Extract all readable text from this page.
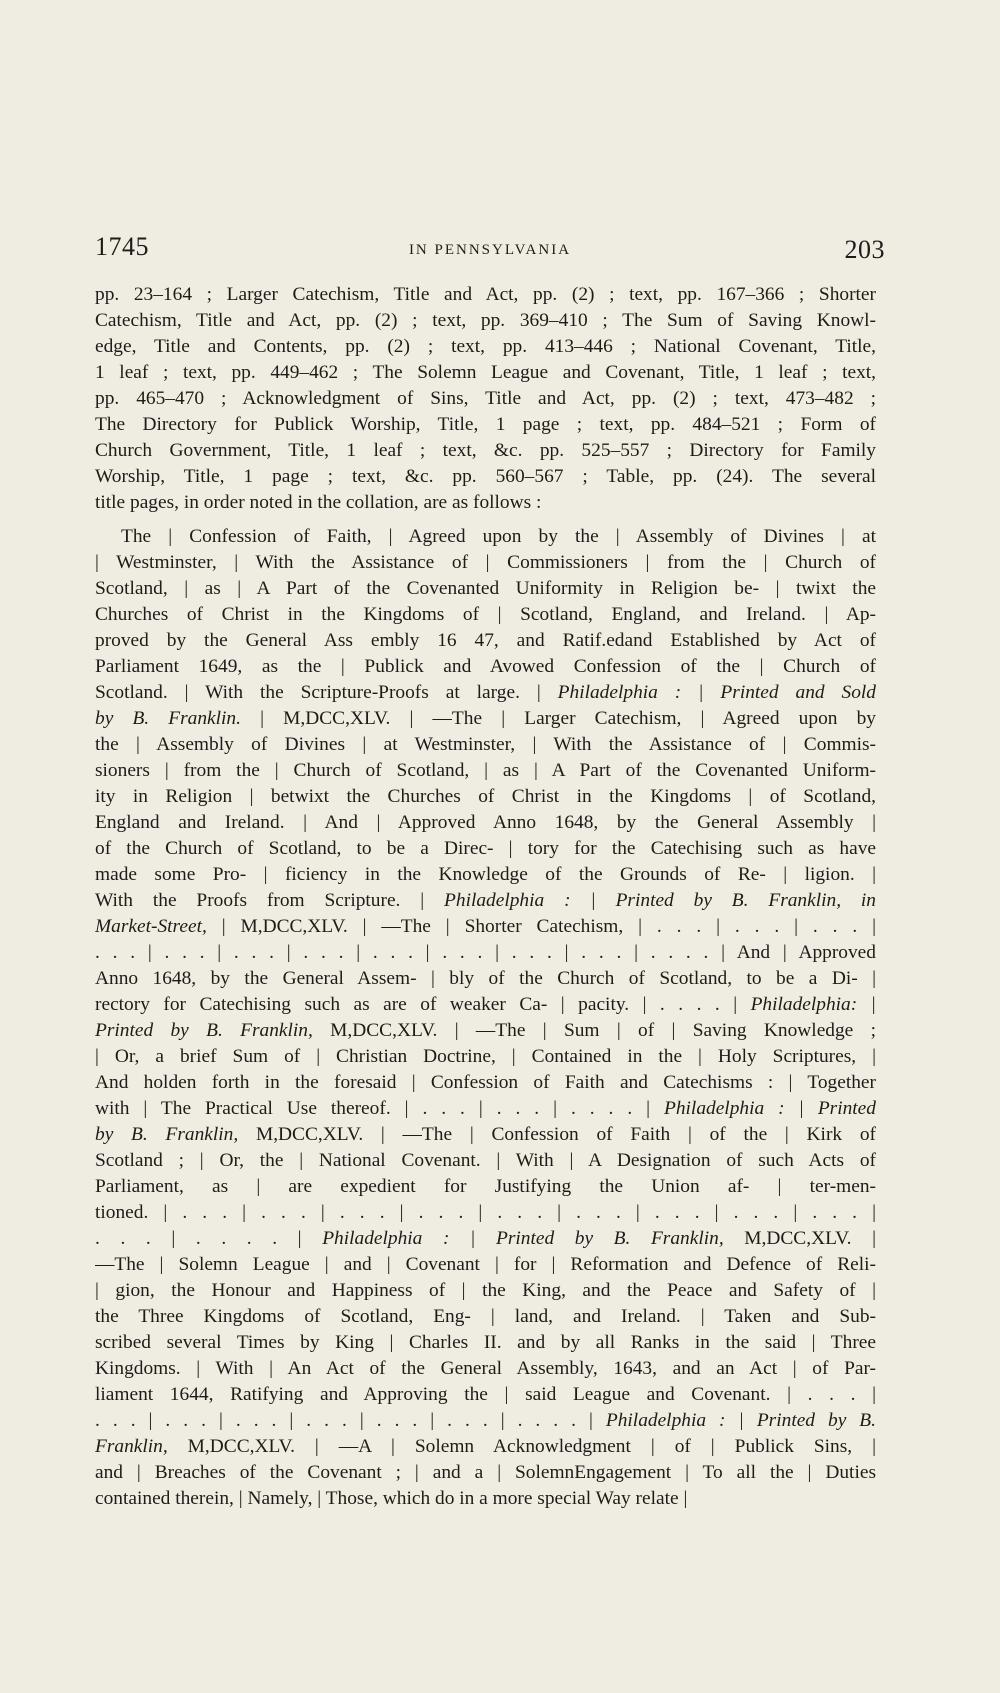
1745	IN PENNSYLVANIA	203
pp. 23–164 ; Larger Catechism, Title and Act, pp. (2) ; text, pp. 167–366 ; Shorter
Catechism, Title and Act, pp. (2) ; text, pp. 369–410 ; The Sum of Saving Knowl-
edge, Title and Contents, pp. (2) ; text, pp. 413–446 ; National Covenant, Title,
1 leaf ; text, pp. 449–462 ; The Solemn League and Covenant, Title, 1 leaf ; text,
pp. 465–470 ; Acknowledgment of Sins, Title and Act, pp. (2) ; text, 473–482 ;
The Directory for Publick Worship, Title, 1 page ; text, pp. 484–521 ; Form of
Church Government, Title, 1 leaf ; text, &c. pp. 525–557 ; Directory for Family
Worship, Title, 1 page ; text, &c. pp. 560–567 ; Table, pp. (24). The several
title pages, in order noted in the collation, are as follows :
The | Confession of Faith, | Agreed upon by the | Assembly of Divines | at
| Westminster, | With the Assistance of | Commissioners | from the | Church of
Scotland, | as | A Part of the Covenanted Uniformity in Religion be- | twixt the
Churches of Christ in the Kingdoms of | Scotland, England, and Ireland. | Ap-
proved by the General Ass embly 16 47, and Ratif.edand Established by Act of
Parliament 1649, as the | Publick and Avowed Confession of the | Church of
Scotland. | With the Scripture-Proofs at large. | Philadelphia : | Printed and Sold
by B. Franklin. | M,DCC,XLV. | —The | Larger Catechism, | Agreed upon by
the | Assembly of Divines | at Westminster, | With the Assistance of | Commis-
sioners | from the | Church of Scotland, | as | A Part of the Covenanted Uniform-
ity in Religion | betwixt the Churches of Christ in the Kingdoms | of Scotland,
England and Ireland. | And | Approved Anno 1648, by the General Assembly |
of the Church of Scotland, to be a Direc- | tory for the Catechising such as have
made some Pro- | ficiency in the Knowledge of the Grounds of Re- | ligion. |
With the Proofs from Scripture. | Philadelphia : | Printed by B. Franklin, in
Market-Street, | M,DCC,XLV. | —The | Shorter Catechism, | . . . | . . . | . . . |
. . . | . . . | . . . | . . . | . . . | . . . | . . . | . . . | . . . . | And | Approved
Anno 1648, by the General Assem- | bly of the Church of Scotland, to be a Di- |
rectory for Catechising such as are of weaker Ca- | pacity. | . . . . | Philadelphia: |
Printed by B. Franklin, M,DCC,XLV. | —The | Sum | of | Saving Knowledge ;
| Or, a brief Sum of | Christian Doctrine, | Contained in the | Holy Scriptures, |
And holden forth in the foresaid | Confession of Faith and Catechisms : | Together
with | The Practical Use thereof. | . . . | . . . | . . . . | Philadelphia : | Printed
by B. Franklin, M,DCC,XLV. | —The | Confession of Faith | of the | Kirk of
Scotland ; | Or, the | National Covenant. | With | A Designation of such Acts of
Parliament, as | are expedient for Justifying the Union af- | ter-men-
tioned. | . . . | . . . | . . . | . . . | . . . | . . . | . . . | . . . | . . . |
. . . | . . . . | Philadelphia : | Printed by B. Franklin, M,DCC,XLV. |
—The | Solemn League | and | Covenant | for | Reformation and Defence of Reli-
| gion, the Honour and Happiness of | the King, and the Peace and Safety of |
the Three Kingdoms of Scotland, Eng- | land, and Ireland. | Taken and Sub-
scribed several Times by King | Charles II. and by all Ranks in the said | Three
Kingdoms. | With | An Act of the General Assembly, 1643, and an Act | of Par-
liament 1644, Ratifying and Approving the | said League and Covenant. | . . . |
. . . | . . . | . . . | . . . | . . . | . . . | . . . . | Philadelphia : | Printed by B.
Franklin, M,DCC,XLV. | —A | Solemn Acknowledgment | of | Publick Sins, |
and | Breaches of the Covenant ; | and a | SolemnEngagement | To all the | Duties
contained therein, | Namely, | Those, which do in a more special Way relate |
